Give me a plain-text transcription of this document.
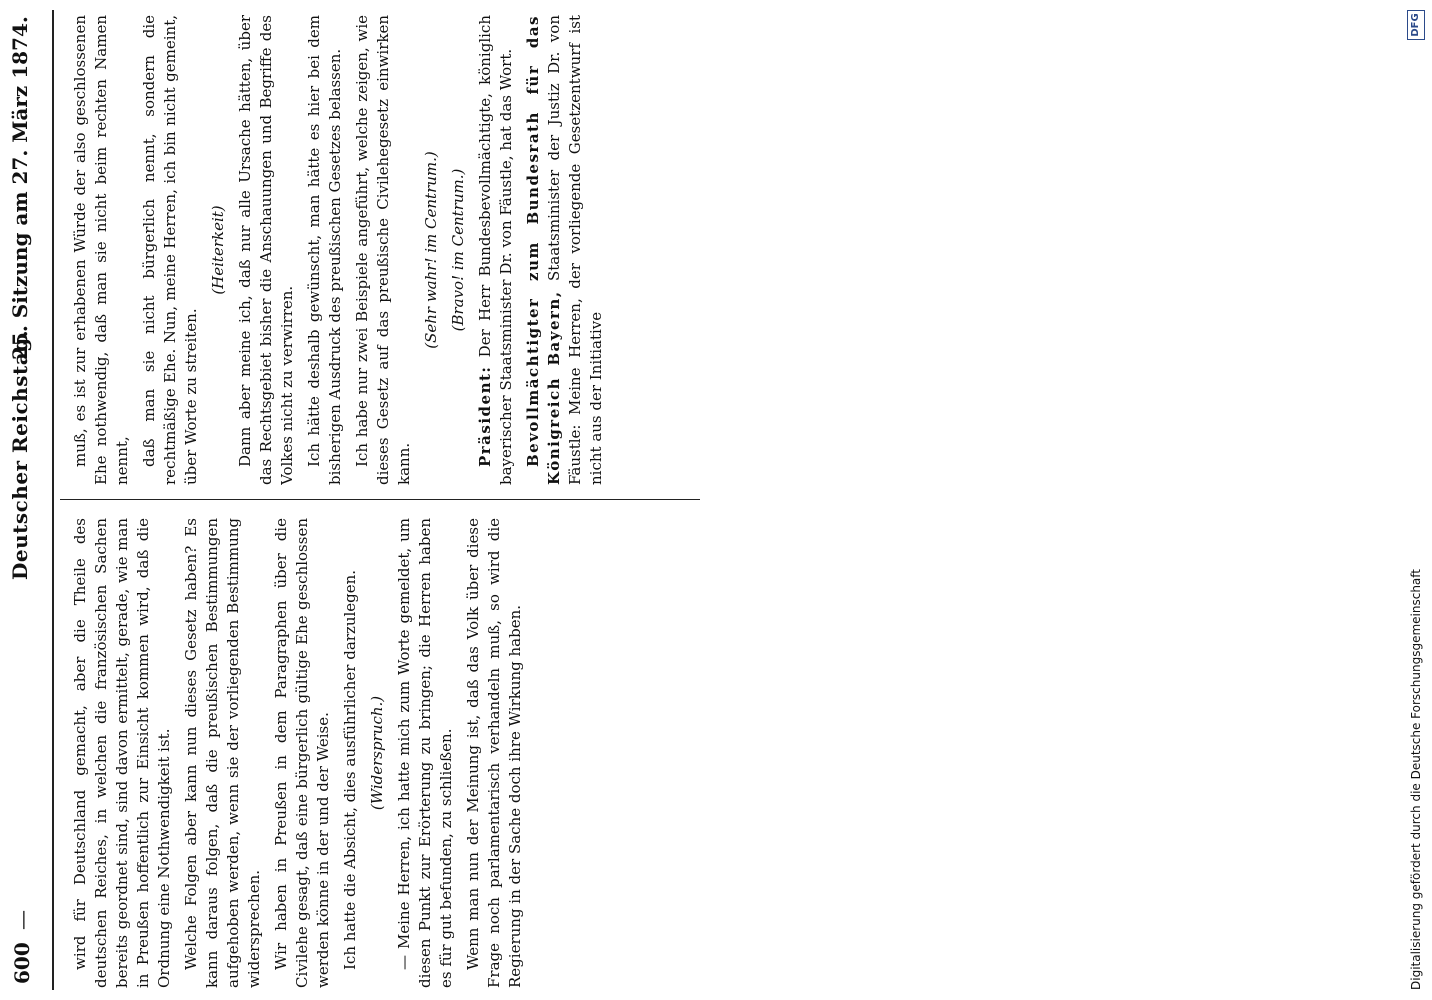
600
—
Deutscher Reichstag.
25. Sitzung am 27. März 1874.

wird für Deutschland gemacht, aber die Theile des deutschen Reiches, in welchen die französischen Sachen bereits geordnet sind, sind davon ermittelt, gerade, wie man in Preußen hoffentlich zur Einsicht kommen wird, daß die Ordnung eine Nothwendigkeit ist. Welche Folgen aber kann nun dieses Gesetz haben? Es kann daraus folgen, daß die preußischen Bestimmungen aufgehoben werden, wenn sie der vorliegenden Bestimmung widersprechen. Wir haben in Preußen in dem Paragraphen über die Civilehe gesagt, daß eine bürgerlich gültige Ehe geschlossen werden könne in der und der Weise. Ich hatte die Absicht, dies ausführlicher darzulegen. (Widerspruch.) — Meine Herren, ich hatte mich zum Worte gemeldet, um diesen Punkt zur Erörterung zu bringen; die Herren haben es für gut befunden, zu schließen. Wenn man nun der Meinung ist, daß das Volk über diese Frage noch parlamentarisch verhandeln muß, so wird die Regierung in der Sache doch ihre Wirkung haben.

muß, es ist zur erhabenen Würde der also geschlossenen Ehe nothwendig, daß man sie nicht beim rechten Namen nennt, daß man sie nicht bürgerlich nennt, sondern die rechtmäßige Ehe. Nun, meine Herren, ich bin nicht gemeint, über Worte zu streiten.

(Heiterkeit) Dann aber meine ich, daß nur alle Ursache hätten, über das Rechtsgebiet bisher die Anschauungen und Begriffe des Volkes nicht zu verwirren. Ich hätte deshalb gewünscht, man hätte es hier bei dem bisherigen Ausdruck des preußischen Gesetzes belassen. Ich habe nur zwei Beispiele angeführt, welche zeigen, wie dieses Gesetz auf das preußische Civilehegesetz einwirken kann.

(Sehr wahr! im Centrum.) (Bravo! im Centrum.)

Präsident: Der Herr Bundesbevollmächtigte, königlich bayerischer Staatsminister Dr. von Fäustle, hat das Wort. Bevollmächtigter zum Bundesrath für das Königreich Bayern, Staatsminister der Justiz Dr. von Fäustle: Meine Herren, der vorliegende Gesetzentwurf ist nicht aus der Initiative

Digitalisierung gefördert durch die Deutsche Forschungsgemeinschaft
DFG
